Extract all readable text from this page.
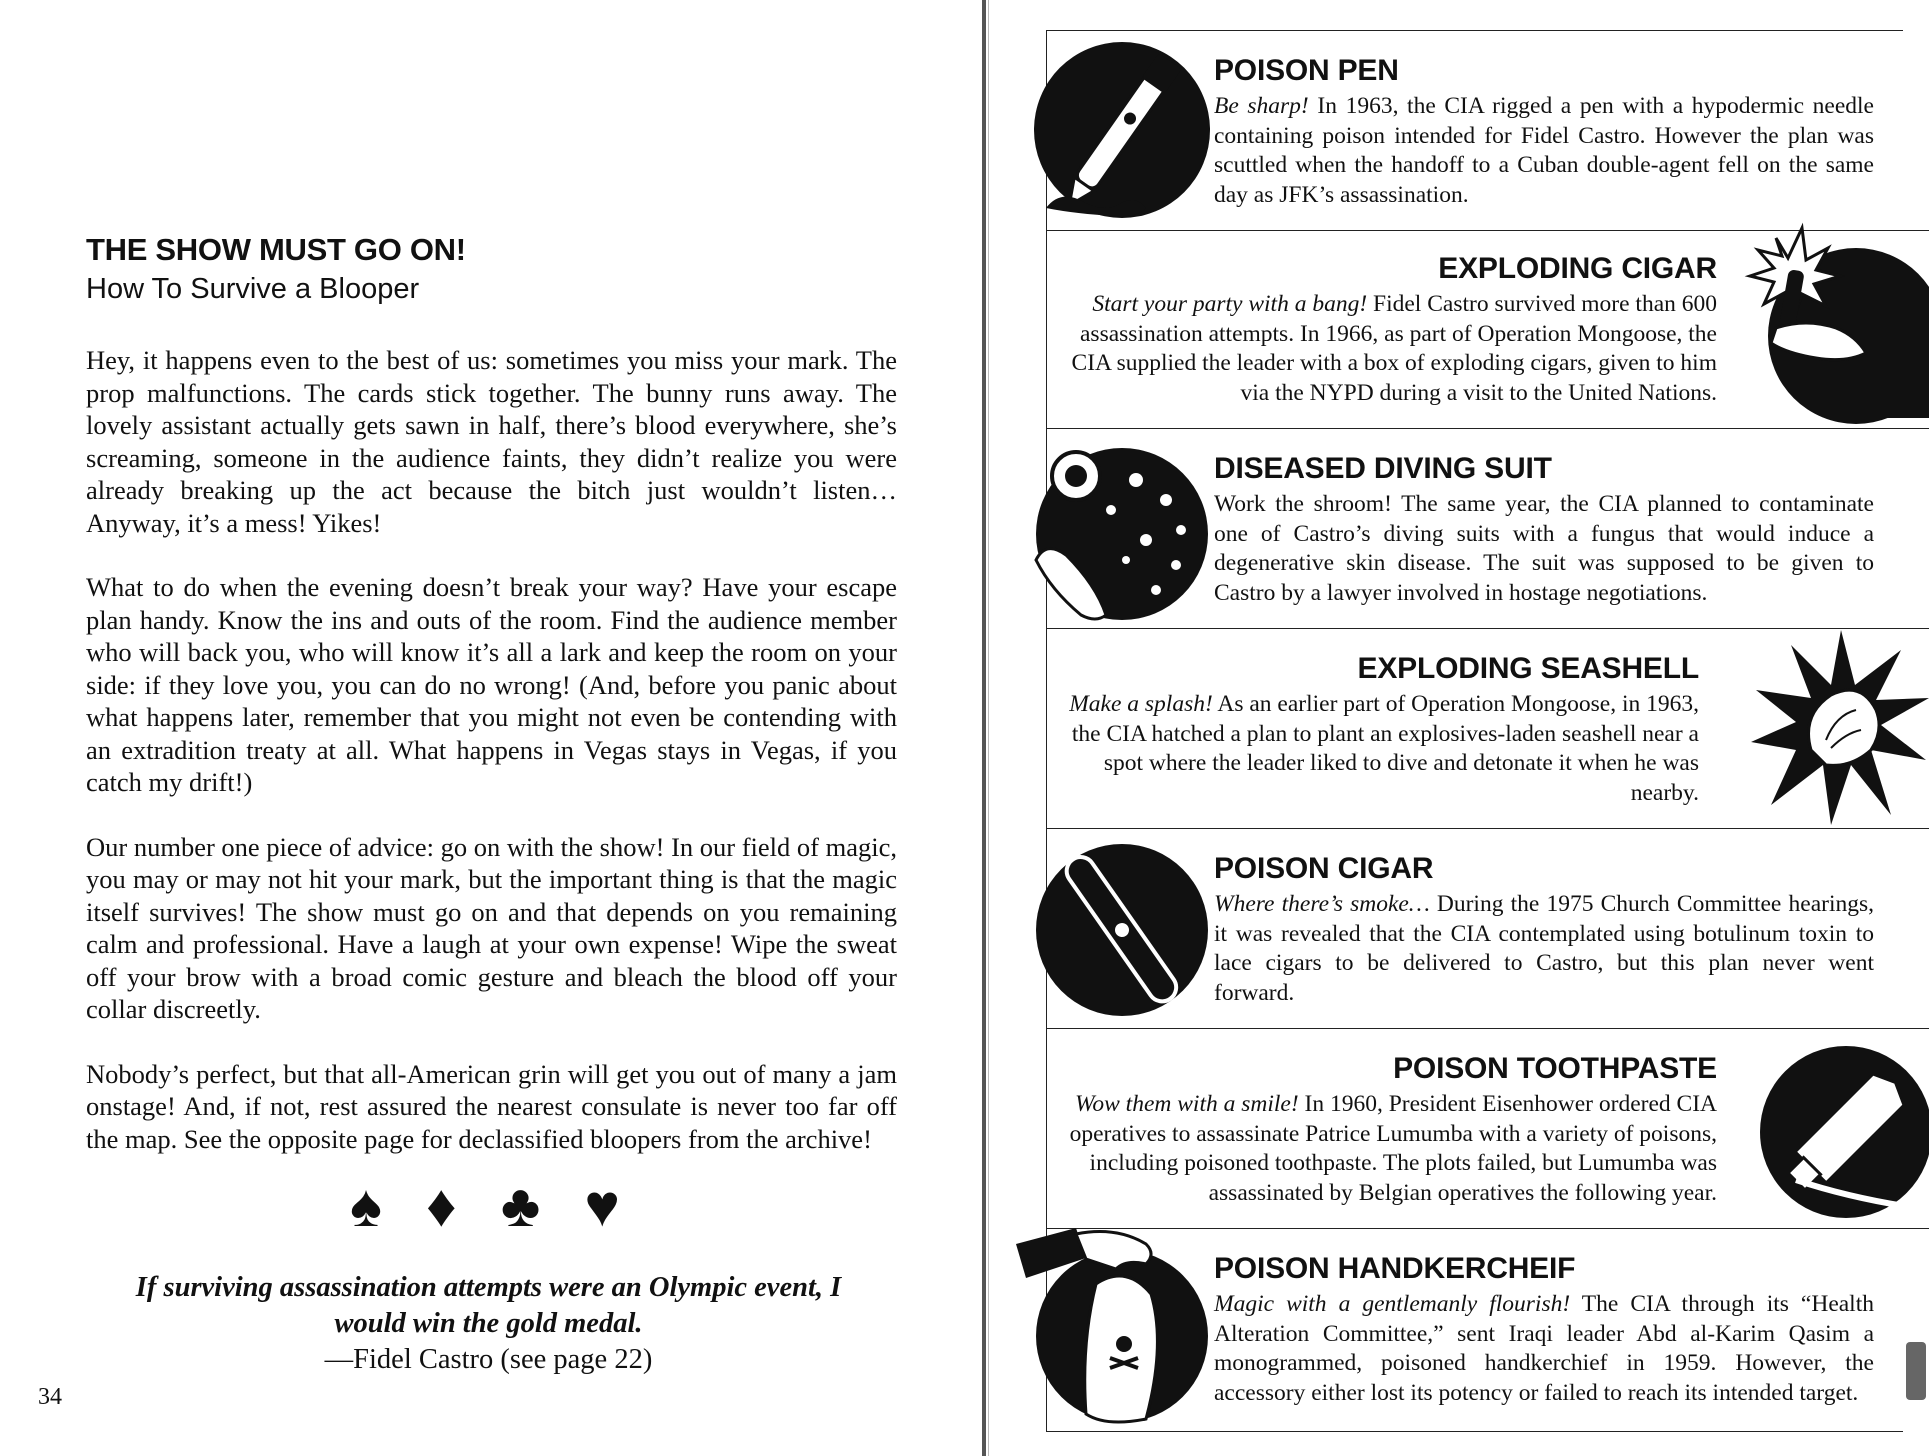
THE SHOW MUST GO ON!
How To Survive a Blooper

Hey, it happens even to the best of us: sometimes you miss your mark. The prop malfunctions. The cards stick together. The bunny runs away. The lovely assistant actually gets sawn in half, there’s blood everywhere, she’s screaming, someone in the audience faints, they didn’t realize you were already breaking up the act because the bitch just wouldn’t listen… Anyway, it’s a mess! Yikes!

What to do when the evening doesn’t break your way? Have your escape plan handy. Know the ins and outs of the room. Find the audience member who will back you, who will know it’s all a lark and keep the room on your side: if they love you, you can do no wrong! (And, before you panic about what happens later, remember that you might not even be contending with an extradition treaty at all. What happens in Vegas stays in Vegas, if you catch my drift!)

Our number one piece of advice: go on with the show! In our field of magic, you may or may not hit your mark, but the important thing is that the magic itself survives! The show must go on and that depends on you remaining calm and professional. Have a laugh at your own expense! Wipe the sweat off your brow with a broad comic gesture and bleach the blood off your collar discreetly.

Nobody’s perfect, but that all-American grin will get you out of many a jam onstage! And, if not, rest assured the nearest consulate is never too far off the map. See the opposite page for declassified bloopers from the archive!

♠ ♦ ♣ ♥
If surviving assassination attempts were an Olympic event, I would win the gold medal.
—Fidel Castro (see page 22)
34
POISON PEN

Be sharp! In 1963, the CIA rigged a pen with a hypodermic needle containing poison intended for Fidel Castro. However the plan was scuttled when the handoff to a Cuban double-agent fell on the same day as JFK’s assassination.

EXPLODING CIGAR

Start your party with a bang! Fidel Castro survived more than 600 assassination attempts. In 1966, as part of Operation Mongoose, the CIA supplied the leader with a box of exploding cigars, given to him via the NYPD during a visit to the United Nations.

DISEASED DIVING SUIT

Work the shroom! The same year, the CIA planned to contaminate one of Castro’s diving suits with a fungus that would induce a degenerative skin disease. The suit was supposed to be given to Castro by a lawyer involved in hostage negotiations.

EXPLODING SEASHELL

Make a splash! As an earlier part of Operation Mongoose, in 1963, the CIA hatched a plan to plant an explosives-laden seashell near a spot where the leader liked to dive and detonate it when he was nearby.

POISON CIGAR

Where there’s smoke… During the 1975 Church Committee hearings, it was revealed that the CIA contemplated using botulinum toxin to lace cigars to be delivered to Castro, but this plan never went forward.

POISON TOOTHPASTE

Wow them with a smile! In 1960, President Eisenhower ordered CIA operatives to assassinate Patrice Lumumba with a variety of poisons, including poisoned toothpaste. The plots failed, but Lumumba was assassinated by Belgian operatives the following year.

POISON HANDKERCHEIF

Magic with a gentlemanly flourish! The CIA through its “Health Alteration Committee,” sent Iraqi leader Abd al-Karim Qasim a monogrammed, poisoned handkerchief in 1959. However, the accessory either lost its potency or failed to reach its intended target.
